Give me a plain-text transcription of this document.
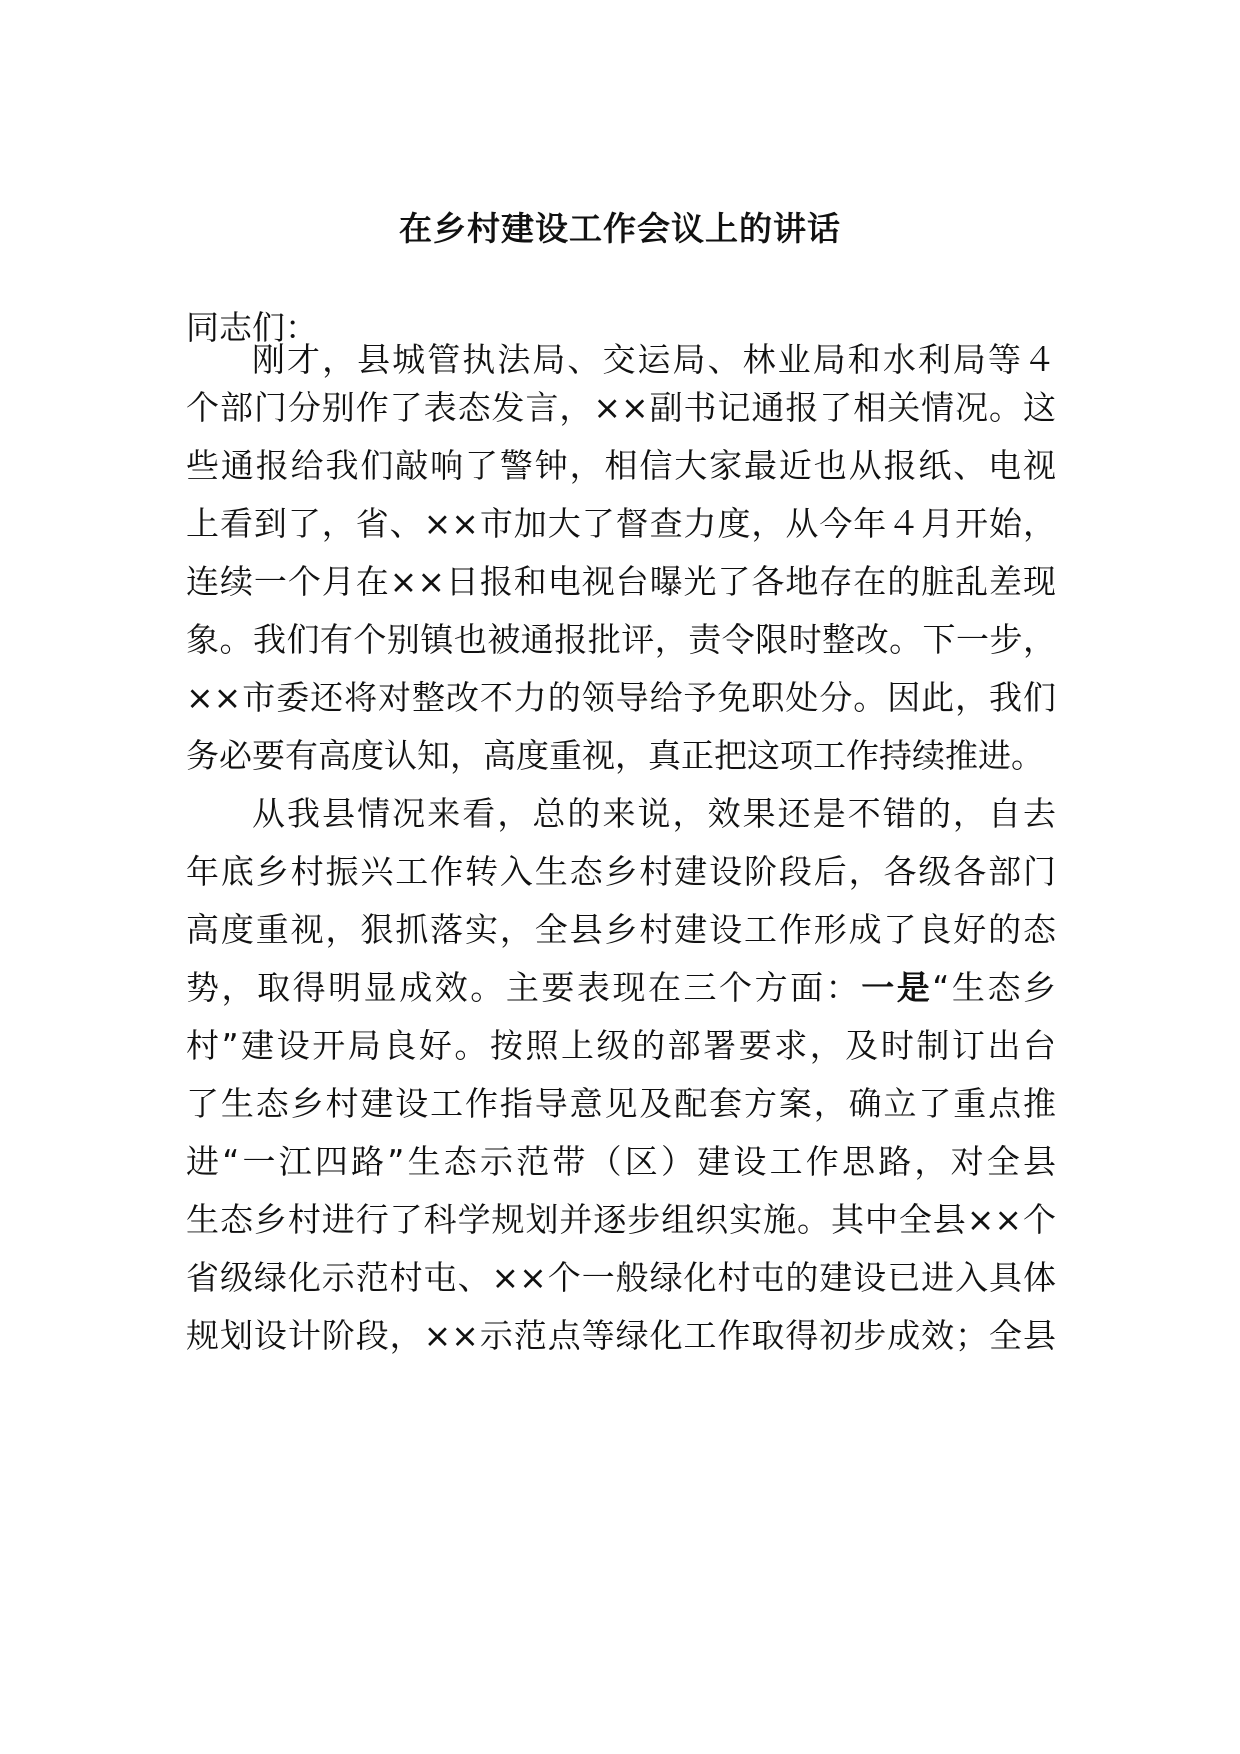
在乡村建设工作会议上的讲话
同志们：
刚才，县城管执法局、交运局、林业局和水利局等４
个部门分别作了表态发言，××副书记通报了相关情况。这
些通报给我们敲响了警钟，相信大家最近也从报纸、电视
上看到了，省、××市加大了督查力度，从今年４月开始，
连续一个月在××日报和电视台曝光了各地存在的脏乱差现
象。我们有个别镇也被通报批评，责令限时整改。下一步，
××市委还将对整改不力的领导给予免职处分。因此，我们
务必要有高度认知，高度重视，真正把这项工作持续推进。
从我县情况来看，总的来说，效果还是不错的，自去
年底乡村振兴工作转入生态乡村建设阶段后，各级各部门
高度重视，狠抓落实，全县乡村建设工作形成了良好的态
势，取得明显成效。主要表现在三个方面：一是“生态乡
村”建设开局良好。按照上级的部署要求，及时制订出台
了生态乡村建设工作指导意见及配套方案，确立了重点推
进“一江四路”生态示范带（区）建设工作思路，对全县
生态乡村进行了科学规划并逐步组织实施。其中全县××个
省级绿化示范村屯、××个一般绿化村屯的建设已进入具体
规划设计阶段，××示范点等绿化工作取得初步成效；全县
